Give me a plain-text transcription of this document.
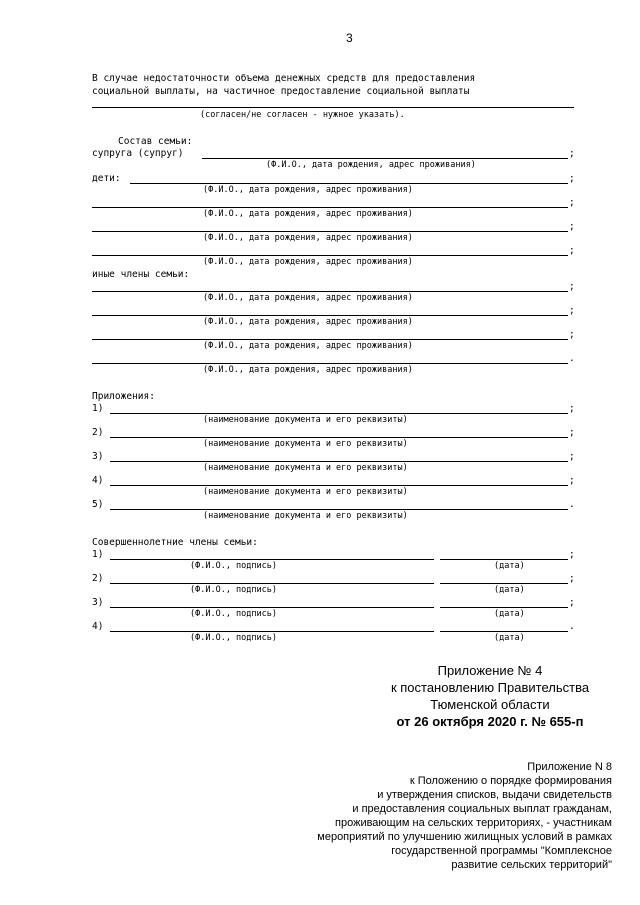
3
В случае недостаточности объема денежных средств для предоставления
социальной выплаты, на частичное предоставление социальной выплаты
(согласен/не согласен - нужное указать).
Состав семьи:
супруга (супруг)	;
(Ф.И.О., дата рождения, адрес проживания)
дети:	;
(Ф.И.О., дата рождения, адрес проживания)
;
(Ф.И.О., дата рождения, адрес проживания)
;
(Ф.И.О., дата рождения, адрес проживания)
;
(Ф.И.О., дата рождения, адрес проживания)
иные члены семьи:
;
(Ф.И.О., дата рождения, адрес проживания)
;
(Ф.И.О., дата рождения, адрес проживания)
;
(Ф.И.О., дата рождения, адрес проживания)
.
(Ф.И.О., дата рождения, адрес проживания)
Приложения:
1)	;
(наименование документа и его реквизиты)
2)	;
(наименование документа и его реквизиты)
3)	;
(наименование документа и его реквизиты)
4)	;
(наименование документа и его реквизиты)
5)	.
(наименование документа и его реквизиты)
Совершеннолетние члены семьи:
1)	;
(Ф.И.О., подпись)	(дата)
2)	;
(Ф.И.О., подпись)	(дата)
3)	;
(Ф.И.О., подпись)	(дата)
4)	.
(Ф.И.О., подпись)	(дата)
Приложение № 4
к постановлению Правительства
Тюменской области
от 26 октября 2020 г. № 655-п
Приложение N 8
к Положению о порядке формирования
и утверждения списков, выдачи свидетельств
и предоставления социальных выплат гражданам,
проживающим на сельских территориях, - участникам
мероприятий по улучшению жилищных условий в рамках
государственной программы "Комплексное
развитие сельских территорий"
